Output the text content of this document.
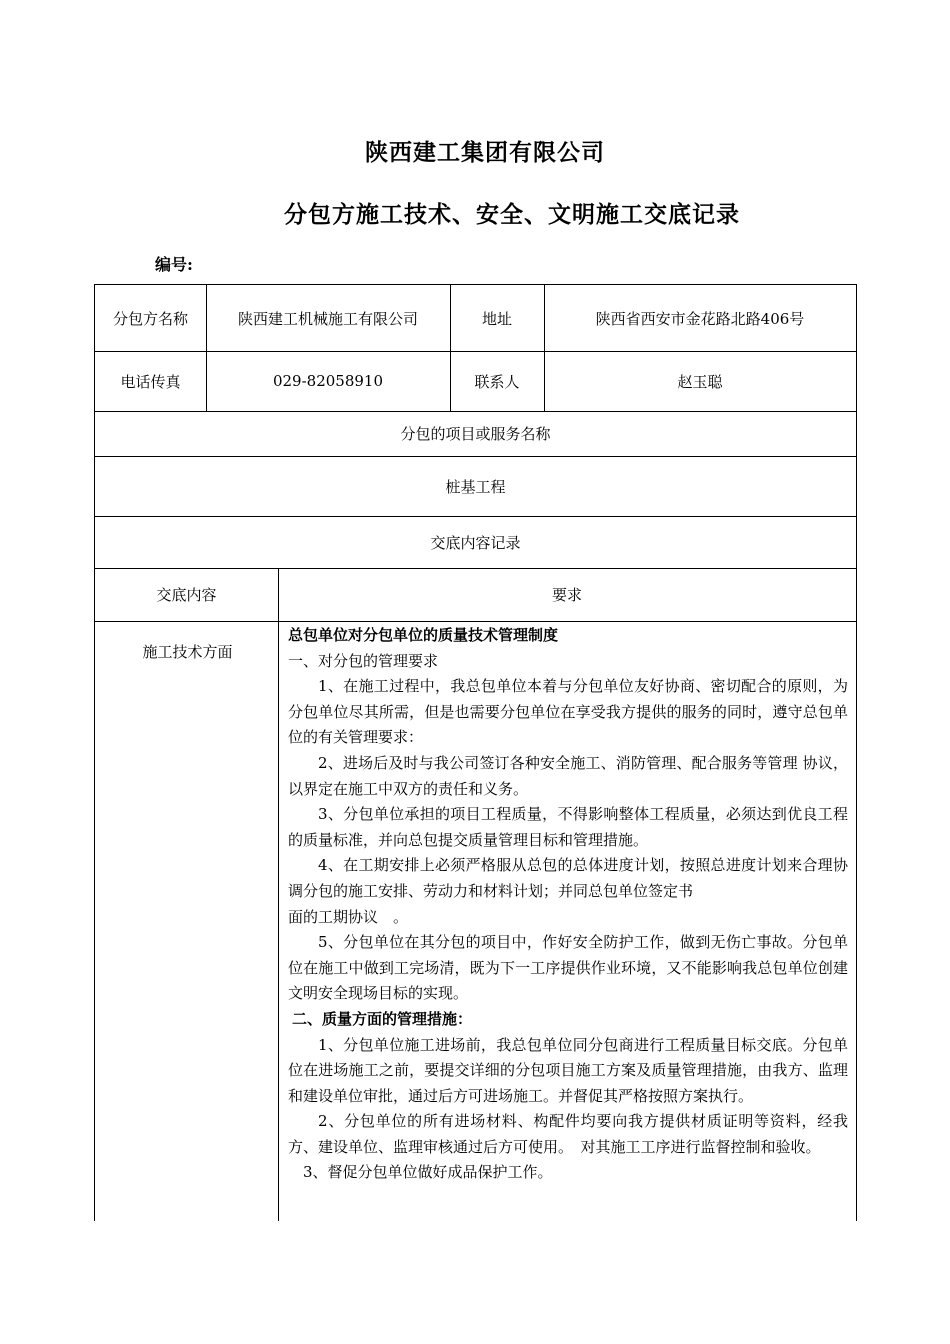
陕西建工集团有限公司
分包方施工技术、安全、文明施工交底记录
编号:
分包方名称	陕西建工机械施工有限公司	地址	陕西省西安市金花路北路406号
电话传真	029-82058910	联系人	赵玉聪
分包的项目或服务名称
桩基工程
交底内容记录
交底内容	要求
施工技术方面

总包单位对分包单位的质量技术管理制度

一、对分包的管理要求

1、在施工过程中，我总包单位本着与分包单位友好协商、密切配合的原则，为分包单位尽其所需，但是也需要分包单位在享受我方提供的服务的同时，遵守总包单位的有关管理要求：

2、进场后及时与我公司签订各种安全施工、消防管理、配合服务等管理 协议，以界定在施工中双方的责任和义务。

3、分包单位承担的项目工程质量，不得影响整体工程质量，必须达到优良工程的质量标准，并向总包提交质量管理目标和管理措施。

4、在工期安排上必须严格服从总包的总体进度计划，按照总进度计划来合理协调分包的施工安排、劳动力和材料计划；并同总包单位签定书

面的工期协议　。

5、分包单位在其分包的项目中，作好安全防护工作，做到无伤亡事故。分包单位在施工中做到工完场清，既为下一工序提供作业环境，又不能影响我总包单位创建文明安全现场目标的实现。

二、质量方面的管理措施：

1、分包单位施工进场前，我总包单位同分包商进行工程质量目标交底。分包单位在进场施工之前，要提交详细的分包项目施工方案及质量管理措施，由我方、监理和建设单位审批，通过后方可进场施工。并督促其严格按照方案执行。

2、分包单位的所有进场材料、构配件均要向我方提供材质证明等资料，经我方、建设单位、监理审核通过后方可使用。　对其施工工序进行监督控制和验收。

3、督促分包单位做好成品保护工作。
